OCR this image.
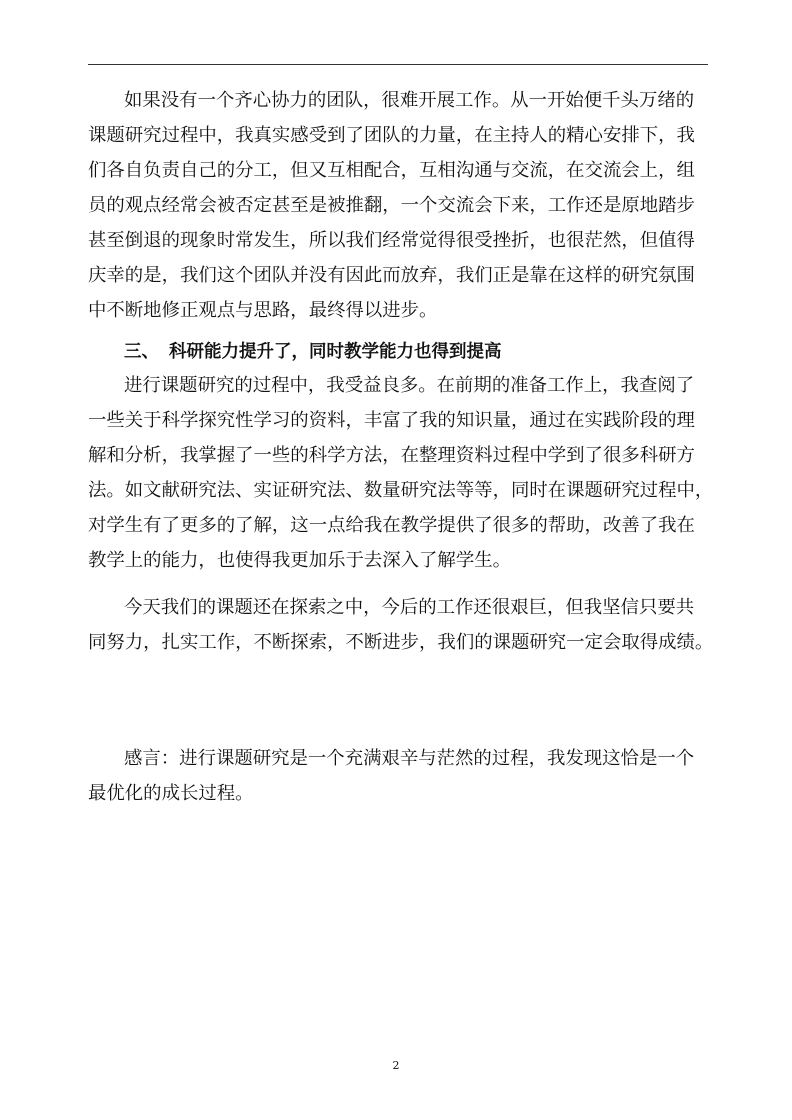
如果没有一个齐心协力的团队，很难开展工作。从一开始便千头万绪的
课题研究过程中，我真实感受到了团队的力量，在主持人的精心安排下，我
们各自负责自己的分工，但又互相配合，互相沟通与交流，在交流会上，组
员的观点经常会被否定甚至是被推翻，一个交流会下来，工作还是原地踏步
甚至倒退的现象时常发生，所以我们经常觉得很受挫折，也很茫然，但值得
庆幸的是，我们这个团队并没有因此而放弃，我们正是靠在这样的研究氛围
中不断地修正观点与思路，最终得以进步。
三、 科研能力提升了，同时教学能力也得到提高
进行课题研究的过程中，我受益良多。在前期的准备工作上，我查阅了
一些关于科学探究性学习的资料，丰富了我的知识量，通过在实践阶段的理
解和分析，我掌握了一些的科学方法，在整理资料过程中学到了很多科研方
法。如文献研究法、实证研究法、数量研究法等等，同时在课题研究过程中，
对学生有了更多的了解，这一点给我在教学提供了很多的帮助，改善了我在
教学上的能力，也使得我更加乐于去深入了解学生。
今天我们的课题还在探索之中，今后的工作还很艰巨，但我坚信只要共
同努力，扎实工作，不断探索，不断进步，我们的课题研究一定会取得成绩。
感言：进行课题研究是一个充满艰辛与茫然的过程，我发现这恰是一个
最优化的成长过程。
2
